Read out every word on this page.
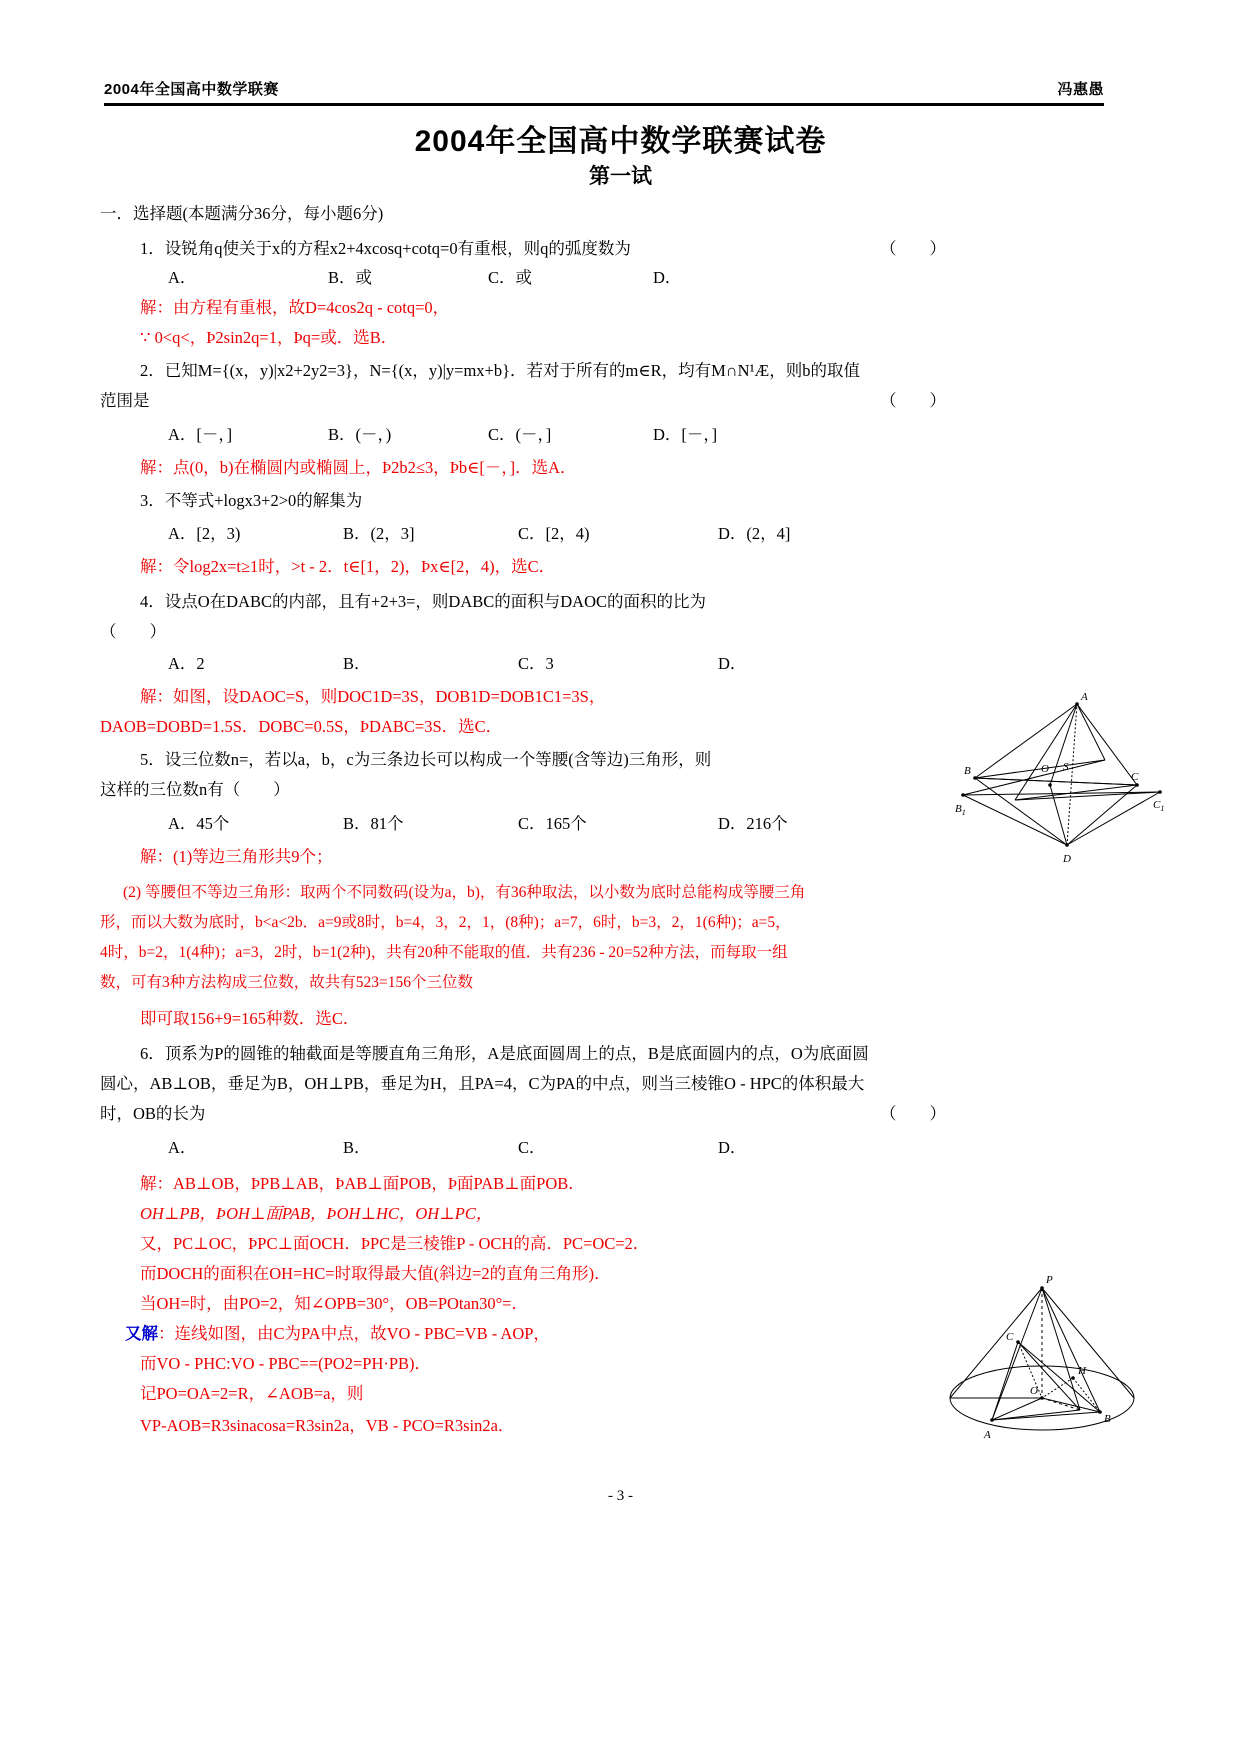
2004年全国高中数学联赛	冯惠愚
2004年全国高中数学联赛试卷
第一试
一．选择题(本题满分36分，每小题6分)
1．设锐角q使关于x的方程x2+4xcosq+cotq=0有重根，则q的弧度数为	（　　）
A．	B．或	C．或	D．
解：由方程有重根，故D=4cos2q - cotq=0，
∵ 0<q<，Þ2sin2q=1，Þq=或．选B．
2．已知M={(x，y)|x2+2y2=3}，N={(x，y)|y=mx+b}．若对于所有的m∈R，均有M∩N¹Æ，则b的取值
范围是	（　　）
A．[－，]	B．(－，)	C．(－，]	D．[－，]
解：点(0，b)在椭圆内或椭圆上，Þ2b2≤3，Þb∈[－，]．选A．
3．不等式+logx3+2>0的解集为
A．[2，3)	B．(2，3]	C．[2，4)	D．(2，4]
解：令log2x=t≥1时，>t - 2．t∈[1，2)，Þx∈[2，4)，选C．
4．设点O在DABC的内部，且有+2+3=，则DABC的面积与DAOC的面积的比为
（　　）
A．2	B．	C．3	D．
解：如图，设DAOC=S，则DOC1D=3S，DOB1D=DOB1C1=3S，
DAOB=DOBD=1.5S．DOBC=0.5S，ÞDABC=3S．选C．
5．设三位数n=，若以a，b，c为三条边长可以构成一个等腰(含等边)三角形，则
这样的三位数n有（　　）
A．45个	B．81个	C．165个	D．216个
解：(1)等边三角形共9个；
(2) 等腰但不等边三角形：取两个不同数码(设为a，b)，有36种取法，以小数为底时总能构成等腰三角
形，而以大数为底时，b<a<2b．a=9或8时，b=4，3，2，1，(8种)；a=7，6时，b=3，2，1(6种)；a=5，
4时，b=2，1(4种)；a=3，2时，b=1(2种)，共有20种不能取的值．共有236 - 20=52种方法，而每取一组
数，可有3种方法构成三位数，故共有523=156个三位数
即可取156+9=165种数．选C．
6．顶系为P的圆锥的轴截面是等腰直角三角形，A是底面圆周上的点，B是底面圆内的点，O为底面圆
圆心，AB⊥OB，垂足为B，OH⊥PB，垂足为H，且PA=4，C为PA的中点，则当三棱锥O - HPC的体积最大
时，OB的长为	（　　）
A．	B．	C．	D．
解：AB⊥OB，ÞPB⊥AB，ÞAB⊥面POB，Þ面PAB⊥面POB．
OH⊥PB，ÞOH⊥面PAB，ÞOH⊥HC，OH⊥PC，
又，PC⊥OC，ÞPC⊥面OCH．ÞPC是三棱锥P - OCH的高．PC=OC=2．
而DOCH的面积在OH=HC=时取得最大值(斜边=2的直角三角形)．
当OH=时，由PO=2，知∠OPB=30°，OB=POtan30°=．
又解：连线如图，由C为PA中点，故VO - PBC=VB - AOP，
而VO - PHC:VO - PBC==(PO2=PH·PB)．
记PO=OA=2=R，∠AOB=a，则
VP-AOB=R3sinacosa=R3sin2a，VB - PCO=R3sin2a．
A
O S
B	C
$B_1$
$C_1$
D
P
C
O
H
B
A
- 3 -
